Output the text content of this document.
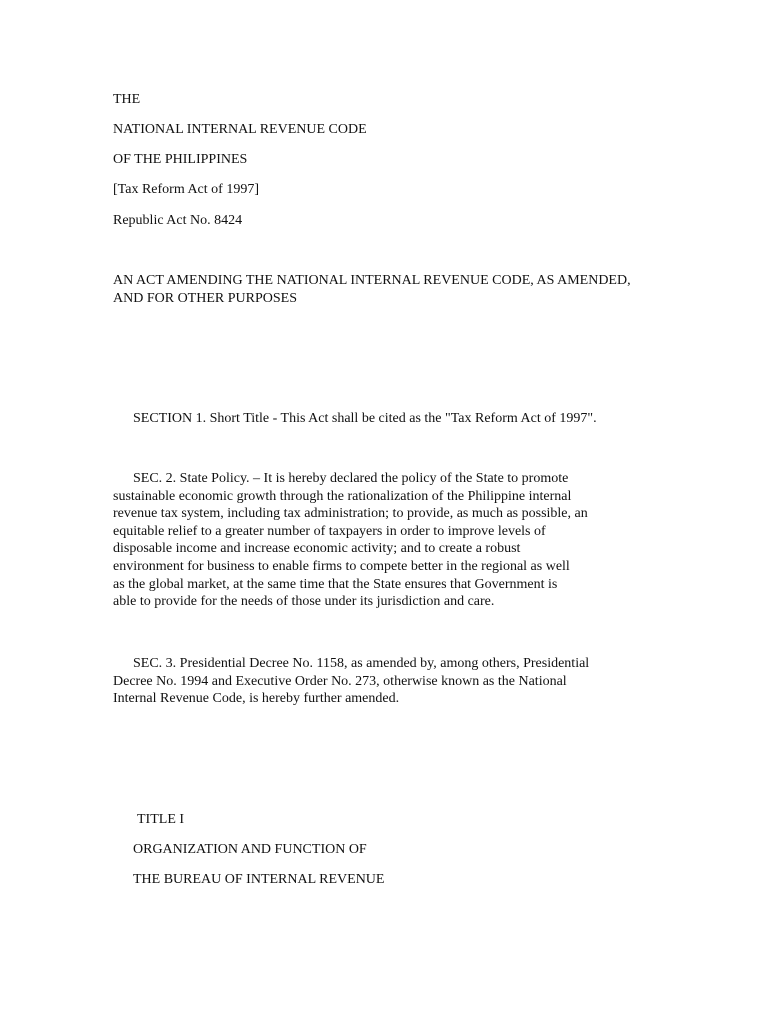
THE
NATIONAL INTERNAL REVENUE CODE
OF THE PHILIPPINES
[Tax Reform Act of 1997]
Republic Act No. 8424
AN ACT AMENDING THE NATIONAL INTERNAL REVENUE CODE, AS AMENDED,
AND FOR OTHER PURPOSES
SECTION 1. Short Title - This Act shall be cited as the "Tax Reform Act of 1997".
SEC. 2. State Policy. – It is hereby declared the policy of the State to promote
sustainable economic growth through the rationalization of the Philippine internal
revenue tax system, including tax administration; to provide, as much as possible, an
equitable relief to a greater number of taxpayers in order to improve levels of
disposable income and increase economic activity; and to create a robust
environment for business to enable firms to compete better in the regional as well
as the global market, at the same time that the State ensures that Government is
able to provide for the needs of those under its jurisdiction and care.
SEC. 3. Presidential Decree No. 1158, as amended by, among others, Presidential
Decree No. 1994 and Executive Order No. 273, otherwise known as the National
Internal Revenue Code, is hereby further amended.
TITLE I
ORGANIZATION AND FUNCTION OF
THE BUREAU OF INTERNAL REVENUE
